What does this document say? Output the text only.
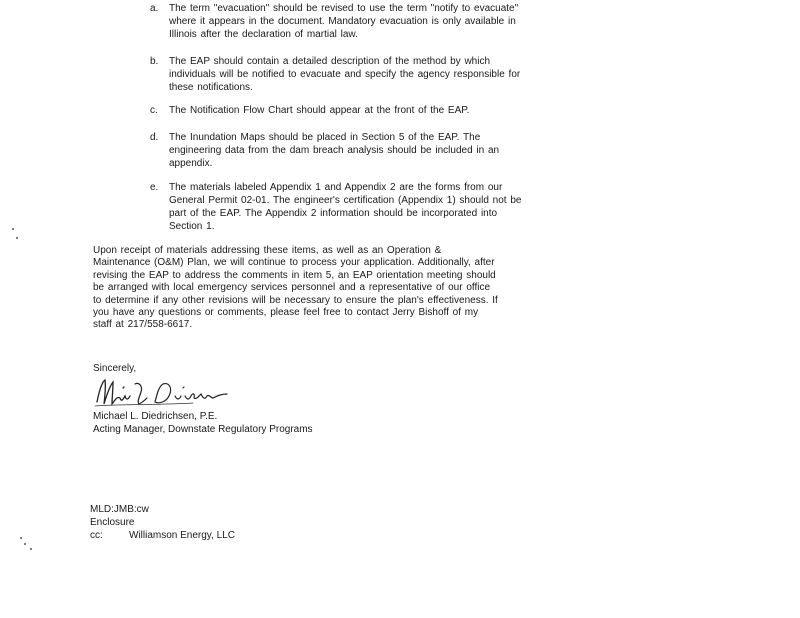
a. The term "evacuation" should be revised to use the term "notify to evacuate" where it appears in the document. Mandatory evacuation is only available in Illinois after the declaration of martial law.
b. The EAP should contain a detailed description of the method by which individuals will be notified to evacuate and specify the agency responsible for these notifications.
c. The Notification Flow Chart should appear at the front of the EAP.
d. The Inundation Maps should be placed in Section 5 of the EAP. The engineering data from the dam breach analysis should be included in an appendix.
e. The materials labeled Appendix 1 and Appendix 2 are the forms from our General Permit 02-01. The engineer's certification (Appendix 1) should not be part of the EAP. The Appendix 2 information should be incorporated into Section 1.
Upon receipt of materials addressing these items, as well as an Operation & Maintenance (O&M) Plan, we will continue to process your application. Additionally, after revising the EAP to address the comments in item 5, an EAP orientation meeting should be arranged with local emergency services personnel and a representative of our office to determine if any other revisions will be necessary to ensure the plan's effectiveness. If you have any questions or comments, please feel free to contact Jerry Bishoff of my staff at 217/558-6617.
Sincerely,
Michael L. Diedrichsen, P.E.
Acting Manager, Downstate Regulatory Programs
MLD:JMB:cw
Enclosure
cc:	Williamson Energy, LLC
